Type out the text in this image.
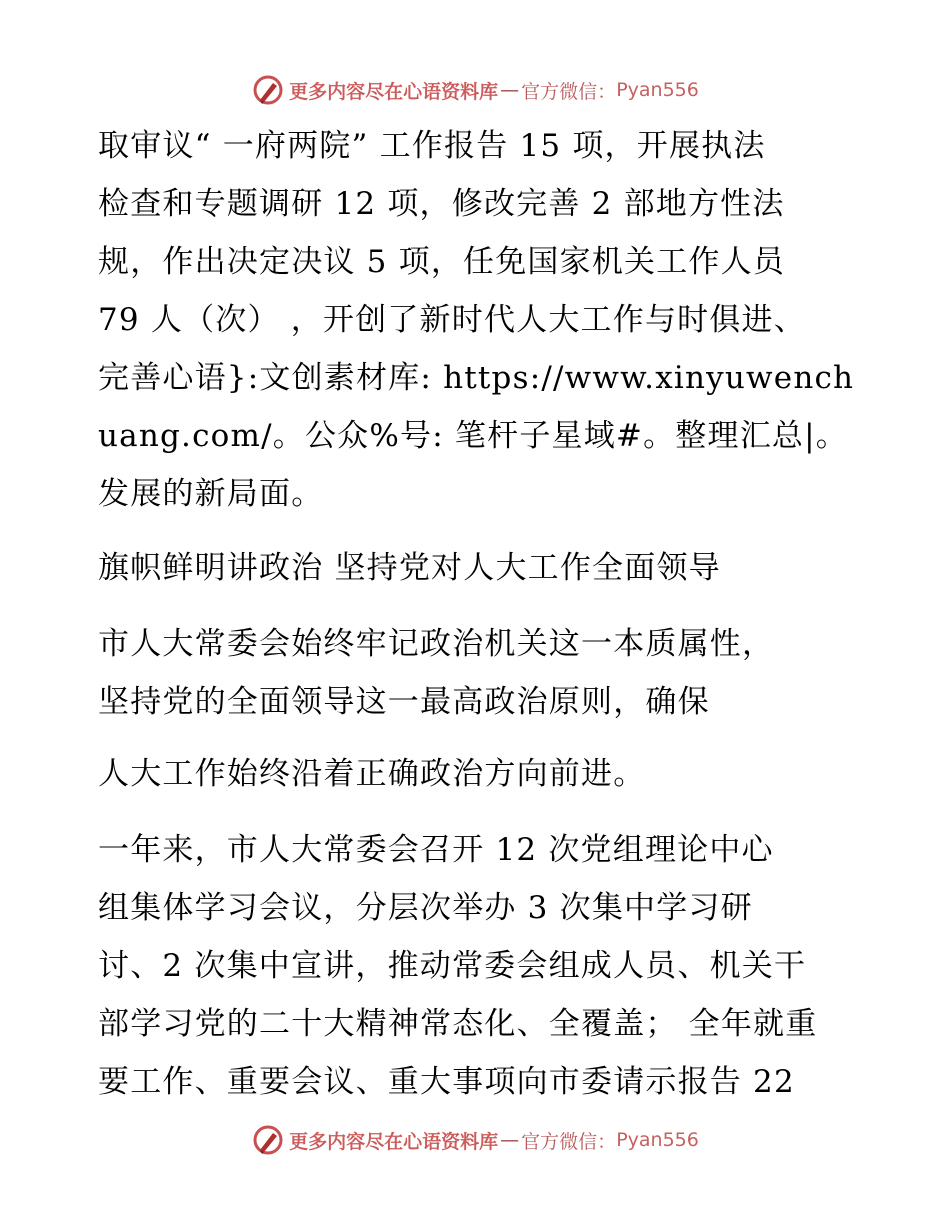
更多内容尽在心语资料库 — 官方微信： Pyan556
取审议“ 一府两院” 工作报告 15 项，开展执法
检查和专题调研 12 项，修改完善 2 部地方性法
规，作出决定决议 5 项，任免国家机关工作人员
79 人（次） ，开创了新时代人大工作与时俱进、
完善心语}:文创素材库: https://www.xinyuwench
uang.com/。公众%号: 笔杆子星域#。整理汇总|。
发展的新局面。
旗帜鲜明讲政治 坚持党对人大工作全面领导
市人大常委会始终牢记政治机关这一本质属性，
坚持党的全面领导这一最高政治原则，确保
人大工作始终沿着正确政治方向前进。
一年来，市人大常委会召开 12 次党组理论中心
组集体学习会议，分层次举办 3 次集中学习研
讨、2 次集中宣讲，推动常委会组成人员、机关干
部学习党的二十大精神常态化、全覆盖； 全年就重
要工作、重要会议、重大事项向市委请示报告 22
更多内容尽在心语资料库 — 官方微信： Pyan556
